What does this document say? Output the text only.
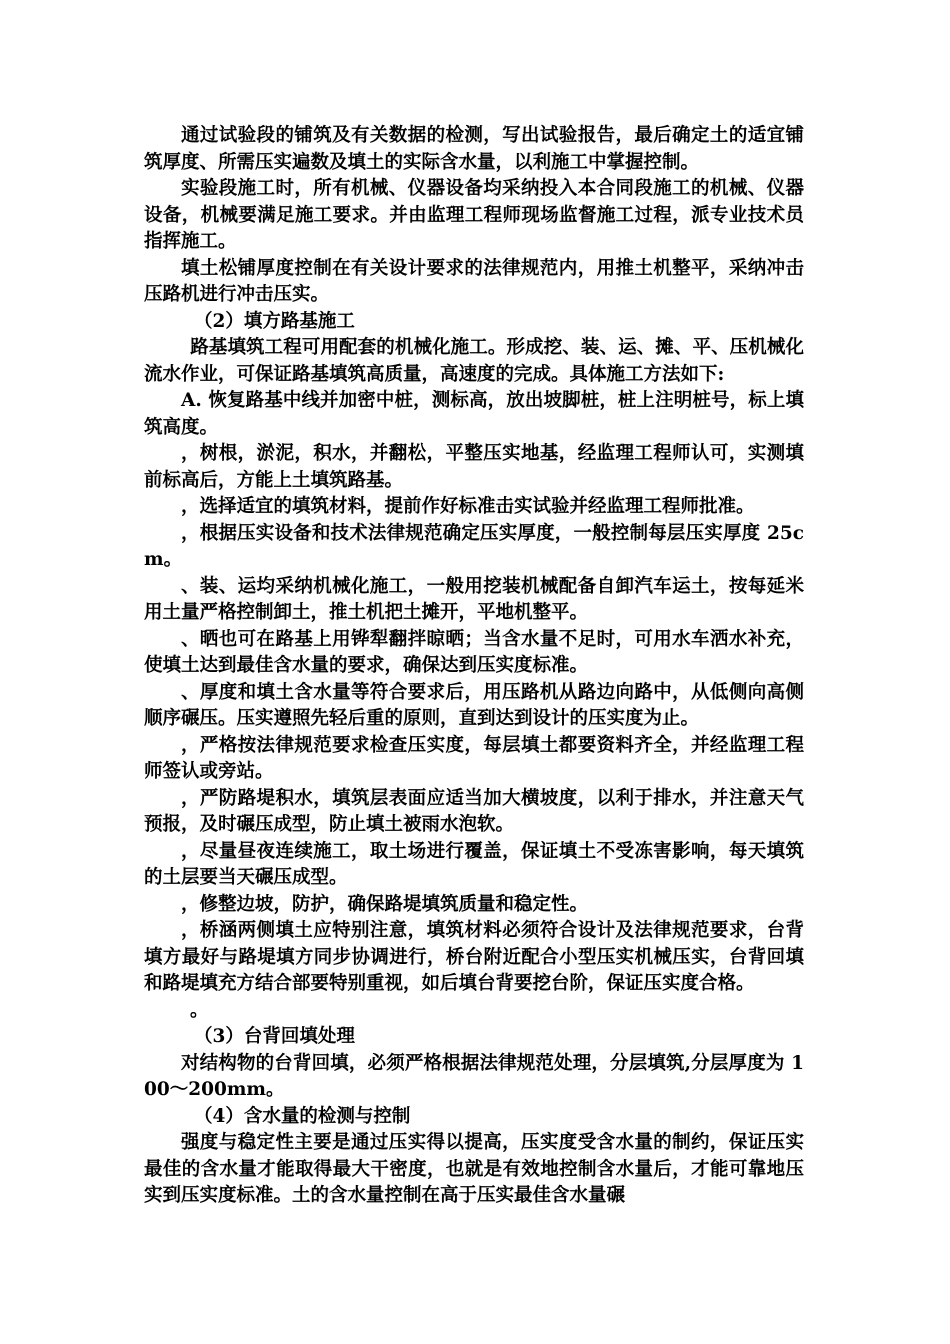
通过试验段的铺筑及有关数据的检测，写出试验报告，最后确定土的适宜铺筑厚度、所需压实遍数及填土的实际含水量，以利施工中掌握控制。

实验段施工时，所有机械、仪器设备均采纳投入本合同段施工的机械、仪器设备，机械要满足施工要求。并由监理工程师现场监督施工过程，派专业技术员指挥施工。

填土松铺厚度控制在有关设计要求的法律规范内，用推土机整平，采纳冲击压路机进行冲击压实。

（2）填方路基施工

路基填筑工程可用配套的机械化施工。形成挖、装、运、摊、平、压机械化流水作业，可保证路基填筑高质量，高速度的完成。具体施工方法如下:

A. 恢复路基中线并加密中桩，测标高，放出坡脚桩，桩上注明桩号，标上填筑高度。

，树根，淤泥，积水，并翻松，平整压实地基，经监理工程师认可，实测填前标高后，方能上土填筑路基。

，选择适宜的填筑材料，提前作好标准击实试验并经监理工程师批准。

，根据压实设备和技术法律规范确定压实厚度，一般控制每层压实厚度 25cm。

、装、运均采纳机械化施工，一般用挖装机械配备自卸汽车运土，按每延米用土量严格控制卸土，推土机把土摊开，平地机整平。

、晒也可在路基上用铧犁翻拌晾晒；当含水量不足时，可用水车洒水补充，使填土达到最佳含水量的要求，确保达到压实度标准。

、厚度和填土含水量等符合要求后，用压路机从路边向路中，从低侧向高侧顺序碾压。压实遵照先轻后重的原则，直到达到设计的压实度为止。

，严格按法律规范要求检查压实度，每层填土都要资料齐全，并经监理工程师签认或旁站。

，严防路堤积水，填筑层表面应适当加大横坡度，以利于排水，并注意天气预报，及时碾压成型，防止填土被雨水泡软。

，尽量昼夜连续施工，取土场进行覆盖，保证填土不受冻害影响，每天填筑的土层要当天碾压成型。

，修整边坡，防护，确保路堤填筑质量和稳定性。

，桥涵两侧填土应特别注意，填筑材料必须符合设计及法律规范要求，台背填方最好与路堤填方同步协调进行，桥台附近配合小型压实机械压实，台背回填和路堤填充方结合部要特别重视，如后填台背要挖台阶，保证压实度合格。

。

（3）台背回填处理

对结构物的台背回填，必须严格根据法律规范处理，分层填筑,分层厚度为 100～200mm。

（4）含水量的检测与控制

强度与稳定性主要是通过压实得以提高，压实度受含水量的制约，保证压实最佳的含水量才能取得最大干密度，也就是有效地控制含水量后，才能可靠地压实到压实度标准。土的含水量控制在高于压实最佳含水量碾
